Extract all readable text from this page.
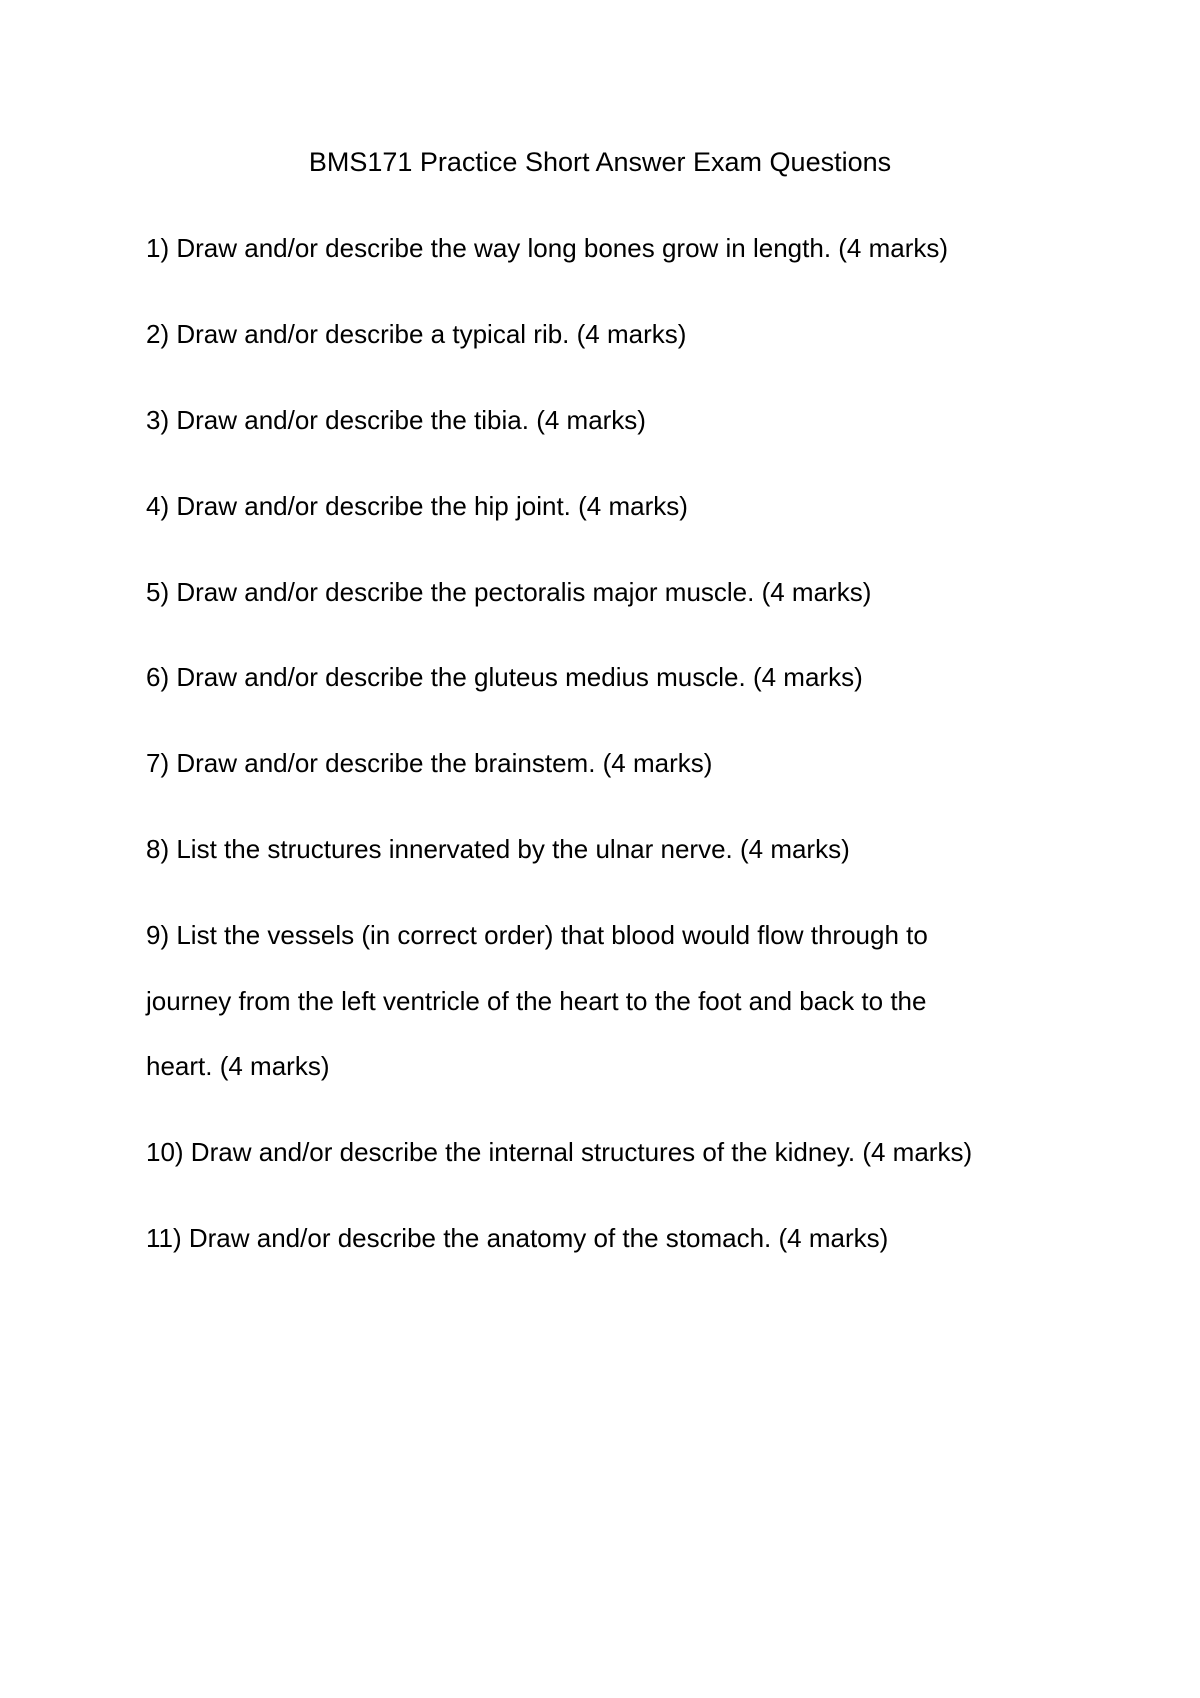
BMS171 Practice Short Answer Exam Questions
1) Draw and/or describe the way long bones grow in length. (4 marks)
2) Draw and/or describe a typical rib. (4 marks)
3) Draw and/or describe the tibia. (4 marks)
4) Draw and/or describe the hip joint. (4 marks)
5) Draw and/or describe the pectoralis major muscle. (4 marks)
6) Draw and/or describe the gluteus medius muscle. (4 marks)
7) Draw and/or describe the brainstem. (4 marks)
8) List the structures innervated by the ulnar nerve. (4 marks)
9) List the vessels (in correct order) that blood would flow through to
journey from the left ventricle of the heart to the foot and back to the
heart. (4 marks)
10) Draw and/or describe the internal structures of the kidney. (4 marks)
11) Draw and/or describe the anatomy of the stomach. (4 marks)
